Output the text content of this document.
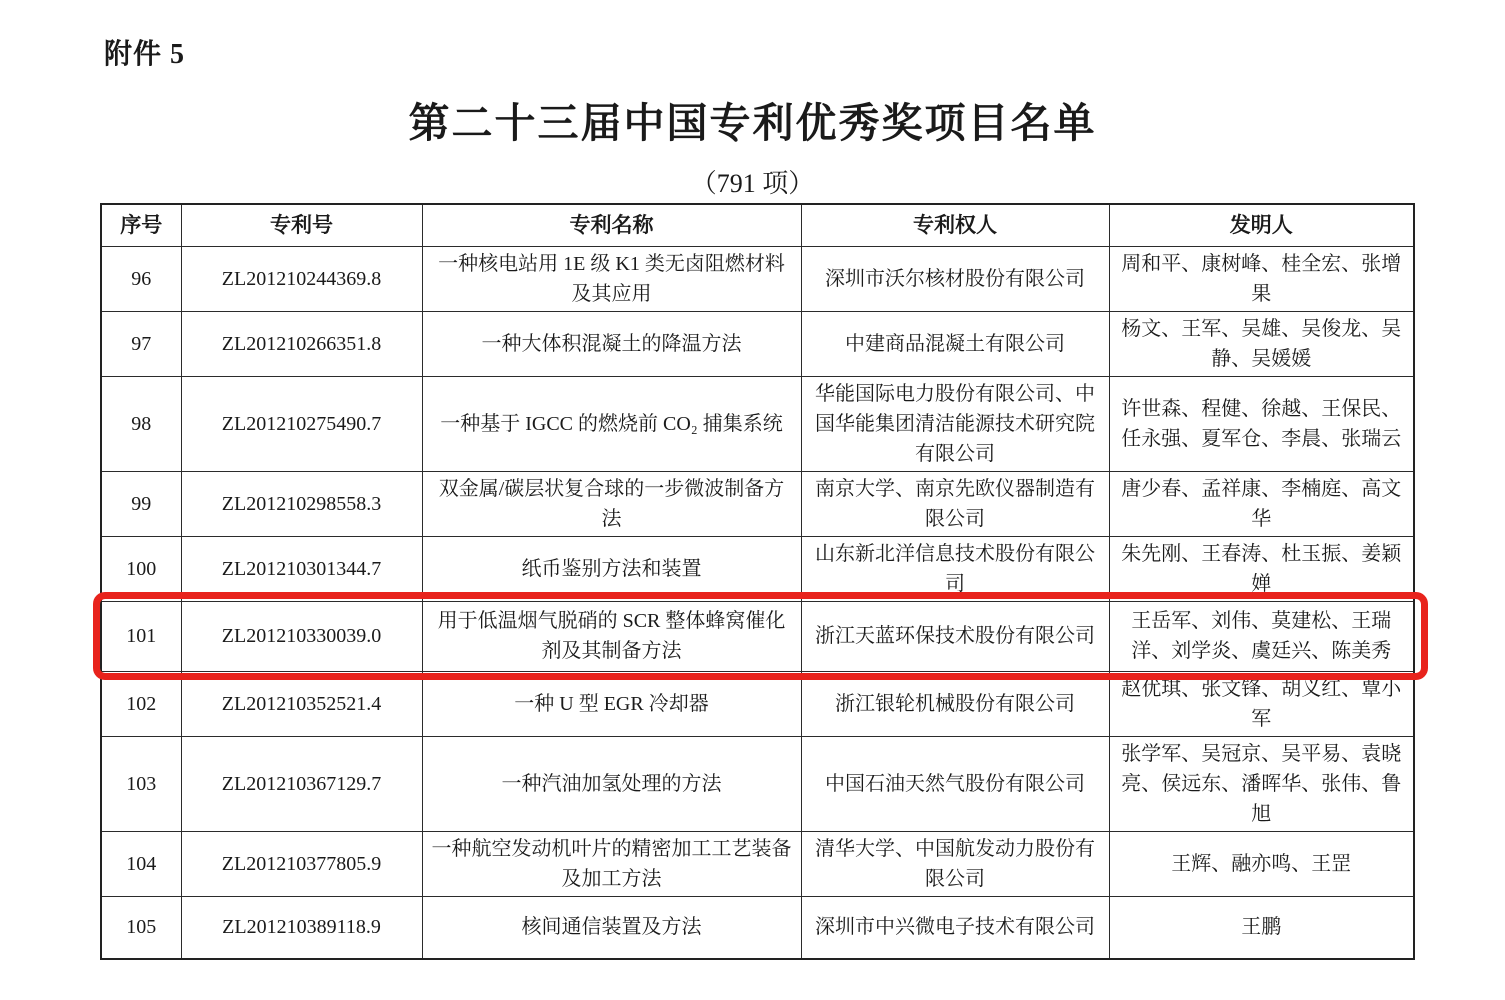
附件 5
第二十三届中国专利优秀奖项目名单
（791 项）
序号	专利号	专利名称	专利权人	发明人
96	ZL201210244369.8	一种核电站用 1E 级 K1 类无卤阻燃材料及其应用	深圳市沃尔核材股份有限公司	周和平、康树峰、桂全宏、张增果
97	ZL201210266351.8	一种大体积混凝土的降温方法	中建商品混凝土有限公司	杨文、王军、吴雄、吴俊龙、吴静、吴媛媛
98	ZL201210275490.7	一种基于 IGCC 的燃烧前 CO₂ 捕集系统	华能国际电力股份有限公司、中国华能集团清洁能源技术研究院有限公司	许世森、程健、徐越、王保民、任永强、夏军仓、李晨、张瑞云
99	ZL201210298558.3	双金属/碳层状复合球的一步微波制备方法	南京大学、南京先欧仪器制造有限公司	唐少春、孟祥康、李楠庭、高文华
100	ZL201210301344.7	纸币鉴别方法和装置	山东新北洋信息技术股份有限公司	朱先刚、王春涛、杜玉振、姜颖婵
101	ZL201210330039.0	用于低温烟气脱硝的 SCR 整体蜂窝催化剂及其制备方法	浙江天蓝环保技术股份有限公司	王岳军、刘伟、莫建松、王瑞洋、刘学炎、虞廷兴、陈美秀
102	ZL201210352521.4	一种 U 型 EGR 冷却器	浙江银轮机械股份有限公司	赵优琪、张文锋、胡义红、覃小军
103	ZL201210367129.7	一种汽油加氢处理的方法	中国石油天然气股份有限公司	张学军、吴冠京、吴平易、袁晓亮、侯远东、潘晖华、张伟、鲁旭
104	ZL201210377805.9	一种航空发动机叶片的精密加工工艺装备及加工方法	清华大学、中国航发动力股份有限公司	王辉、融亦鸣、王罡
105	ZL201210389118.9	核间通信装置及方法	深圳市中兴微电子技术有限公司	王鹏
